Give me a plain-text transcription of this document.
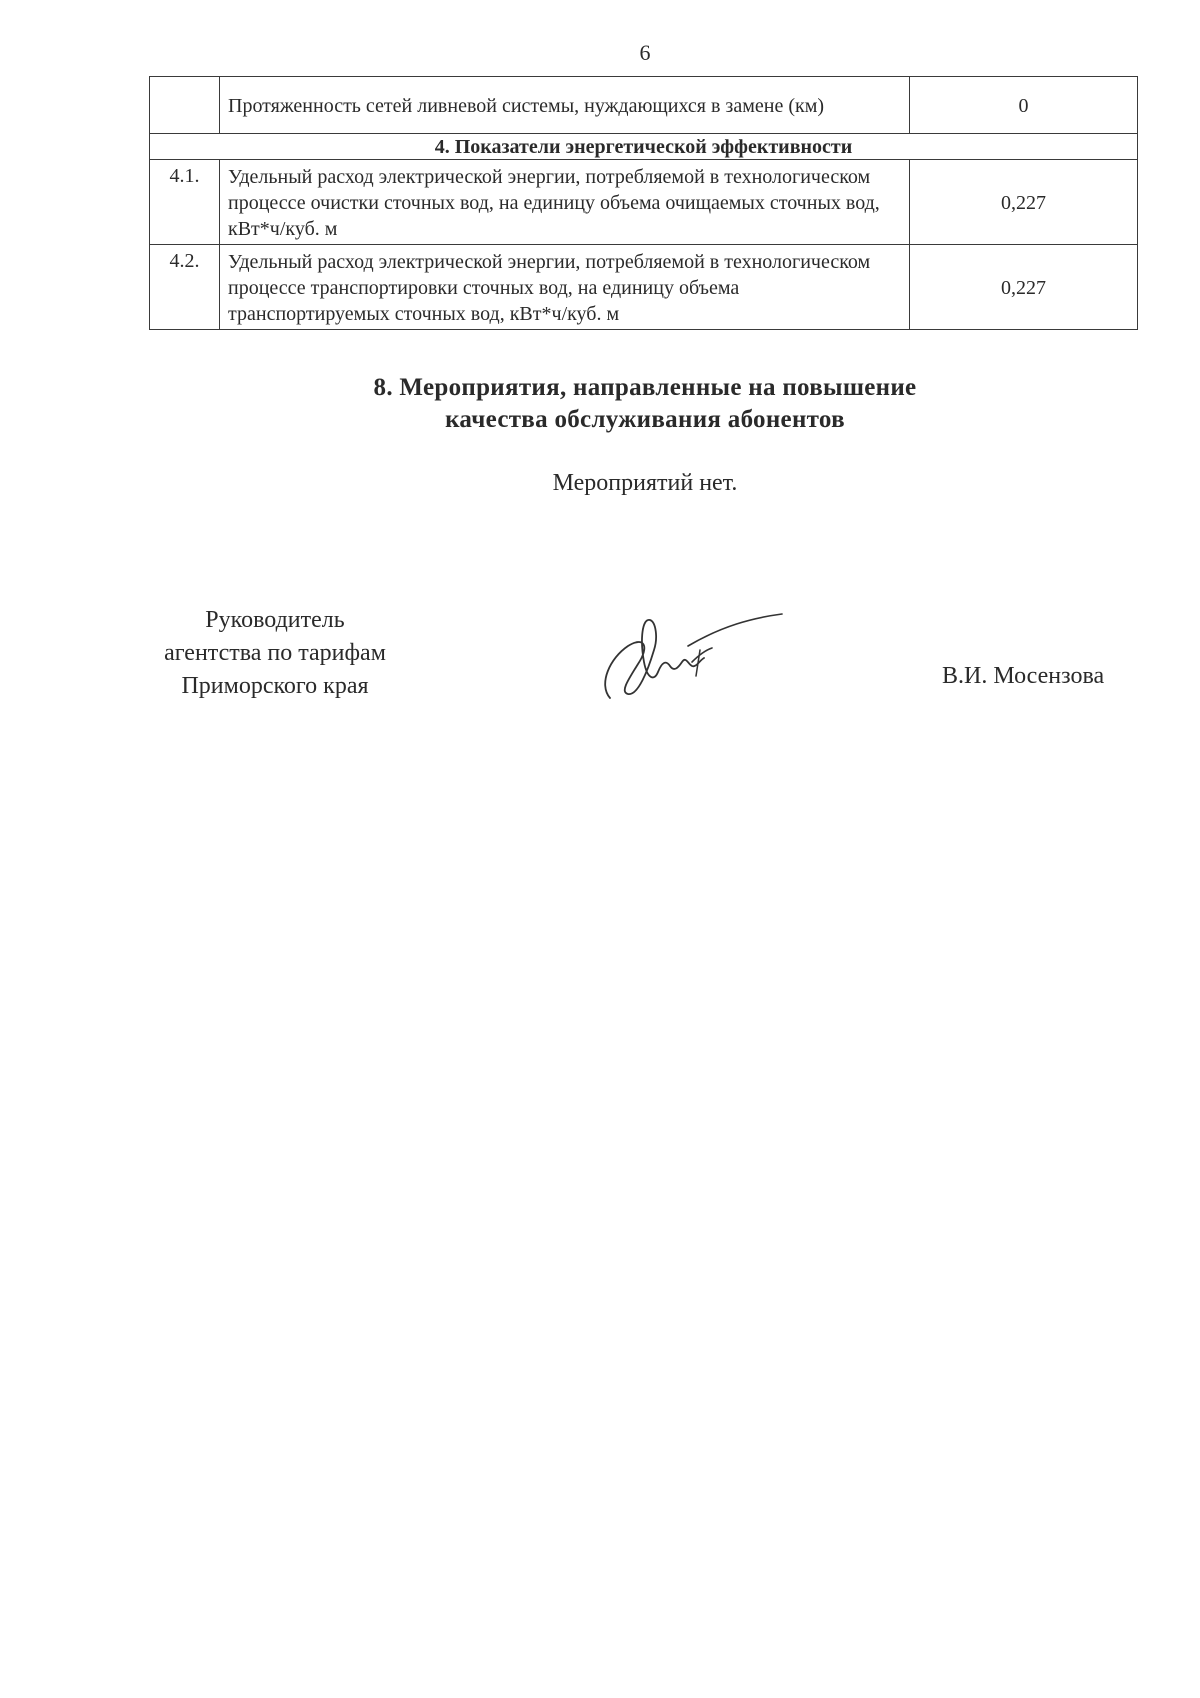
6
	Протяженность сетей ливневой системы, нуждающихся в замене (км)	0
4. Показатели энергетической эффективности		
4.1.	Удельный расход электрической энергии, потребляемой в технологическом процессе очистки сточных вод, на единицу объема очищаемых сточных вод, кВт*ч/куб. м	0,227
4.2.	Удельный расход электрической энергии, потребляемой в технологическом процессе транспортировки сточных вод, на единицу объема транспортируемых сточных вод, кВт*ч/куб. м	0,227
8. Мероприятия, направленные на повышение
качества обслуживания абонентов
Мероприятий нет.
Руководитель
агентства по тарифам
Приморского края	В.И. Мосензова
